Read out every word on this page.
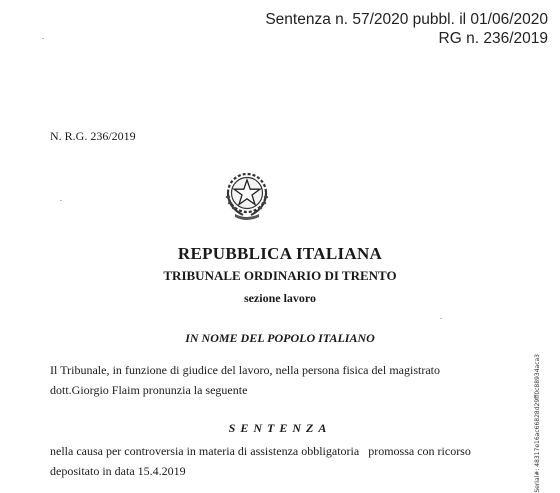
Sentenza n. 57/2020 pubbl. il 01/06/2020
RG n. 236/2019
N. R.G. 236/2019
REPUBBLICA ITALIANA
TRIBUNALE ORDINARIO DI TRENTO
sezione lavoro
IN NOME DEL POPOLO ITALIANO
Il Tribunale, in funzione di giudice del lavoro, nella persona fisica del magistrato
dott.Giorgio Flaim pronunzia la seguente
SENTENZA
nella causa per controversia in materia di assistenza obbligatoria   promossa con ricorso
depositato in data 15.4.2019	Serial#: 48317e16ac66828d29ff0c88934aca3
